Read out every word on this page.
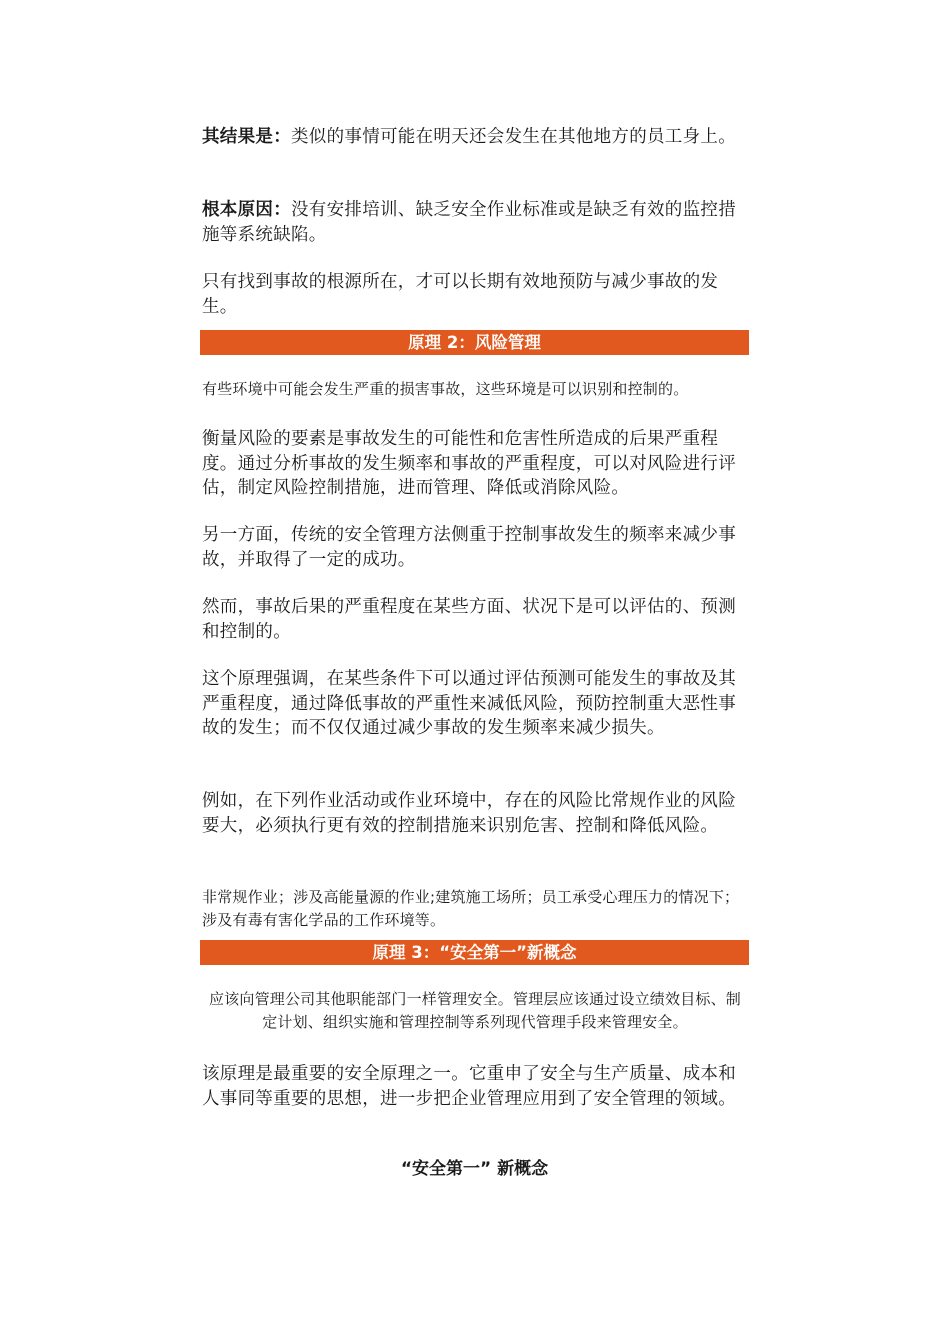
其结果是：类似的事情可能在明天还会发生在其他地方的员工身上。

根本原因：没有安排培训、缺乏安全作业标准或是缺乏有效的监控措施等系统缺陷。

只有找到事故的根源所在，才可以长期有效地预防与减少事故的发生。

原理 2：风险管理

有些环境中可能会发生严重的损害事故，这些环境是可以识别和控制的。

衡量风险的要素是事故发生的可能性和危害性所造成的后果严重程度。通过分析事故的发生频率和事故的严重程度，可以对风险进行评估，制定风险控制措施，进而管理、降低或消除风险。

另一方面，传统的安全管理方法侧重于控制事故发生的频率来减少事故，并取得了一定的成功。

然而，事故后果的严重程度在某些方面、状况下是可以评估的、预测和控制的。

这个原理强调，在某些条件下可以通过评估预测可能发生的事故及其严重程度，通过降低事故的严重性来减低风险，预防控制重大恶性事故的发生；而不仅仅通过减少事故的发生频率来减少损失。

例如，在下列作业活动或作业环境中，存在的风险比常规作业的风险要大，必须执行更有效的控制措施来识别危害、控制和降低风险。

非常规作业；涉及高能量源的作业;建筑施工场所；员工承受心理压力的情况下；涉及有毒有害化学品的工作环境等。

原理 3：“安全第一”新概念

应该向管理公司其他职能部门一样管理安全。管理层应该通过设立绩效目标、制定计划、组织实施和管理控制等系列现代管理手段来管理安全。

该原理是最重要的安全原理之一。它重申了安全与生产质量、成本和人事同等重要的思想，进一步把企业管理应用到了安全管理的领域。

“安全第一” 新概念
